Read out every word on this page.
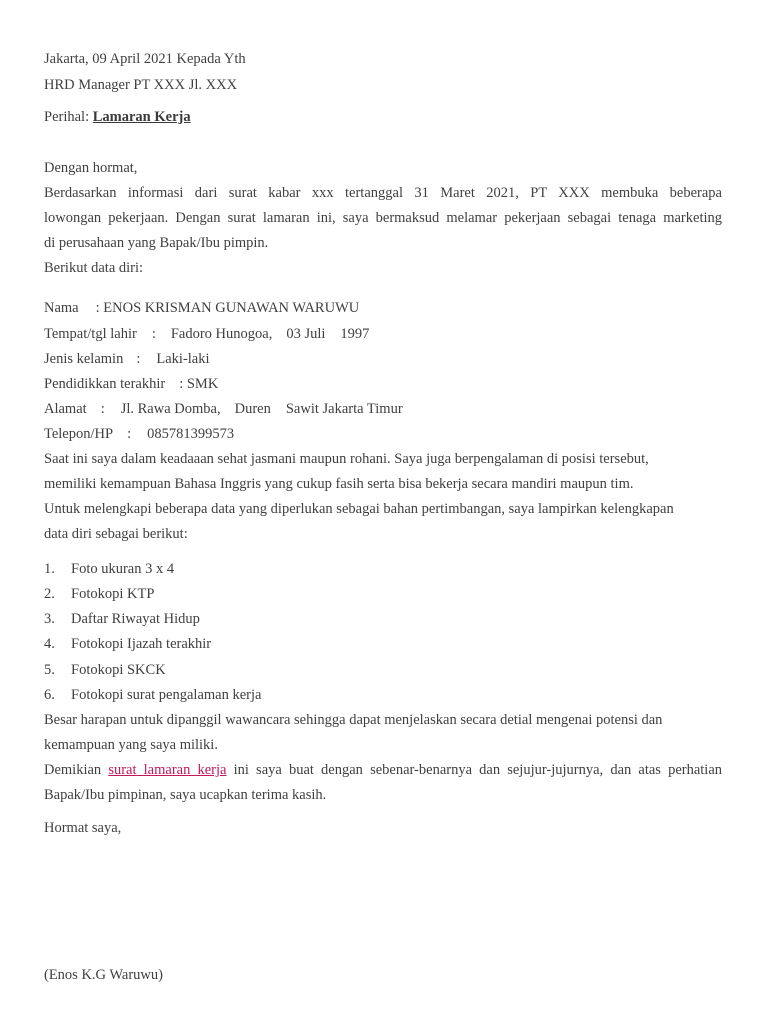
Jakarta, 09 April 2021 Kepada Yth
HRD Manager PT XXX Jl. XXX
Perihal: Lamaran Kerja
Dengan hormat,
Berdasarkan informasi dari surat kabar xxx tertanggal 31 Maret 2021, PT XXX membuka beberapa
lowongan pekerjaan. Dengan surat lamaran ini, saya bermaksud melamar pekerjaan sebagai tenaga marketing
di perusahaan yang Bapak/Ibu pimpin.
Berikut data diri:
Nama : ENOS KRISMAN GUNAWAN WARUWU
Tempat/tgl lahir : Fadoro Hunogoa, 03 Juli 1997
Jenis kelamin : Laki-laki
Pendidikkan terakhir : SMK
Alamat : Jl. Rawa Domba, Duren Sawit Jakarta Timur
Telepon/HP : 085781399573
Saat ini saya dalam keadaaan sehat jasmani maupun rohani. Saya juga berpengalaman di posisi tersebut,
memiliki kemampuan Bahasa Inggris yang cukup fasih serta bisa bekerja secara mandiri maupun tim.
Untuk melengkapi beberapa data yang diperlukan sebagai bahan pertimbangan, saya lampirkan kelengkapan
data diri sebagai berikut:
1. Foto ukuran 3 x 4
2. Fotokopi KTP
3. Daftar Riwayat Hidup
4. Fotokopi Ijazah terakhir
5. Fotokopi SKCK
6. Fotokopi surat pengalaman kerja
Besar harapan untuk dipanggil wawancara sehingga dapat menjelaskan secara detial mengenai potensi dan
kemampuan yang saya miliki.
Demikian surat lamaran kerja ini saya buat dengan sebenar-benarnya dan sejujur-jujurnya, dan atas perhatian
Bapak/Ibu pimpinan, saya ucapkan terima kasih.
Hormat saya,
(Enos K.G Waruwu)
